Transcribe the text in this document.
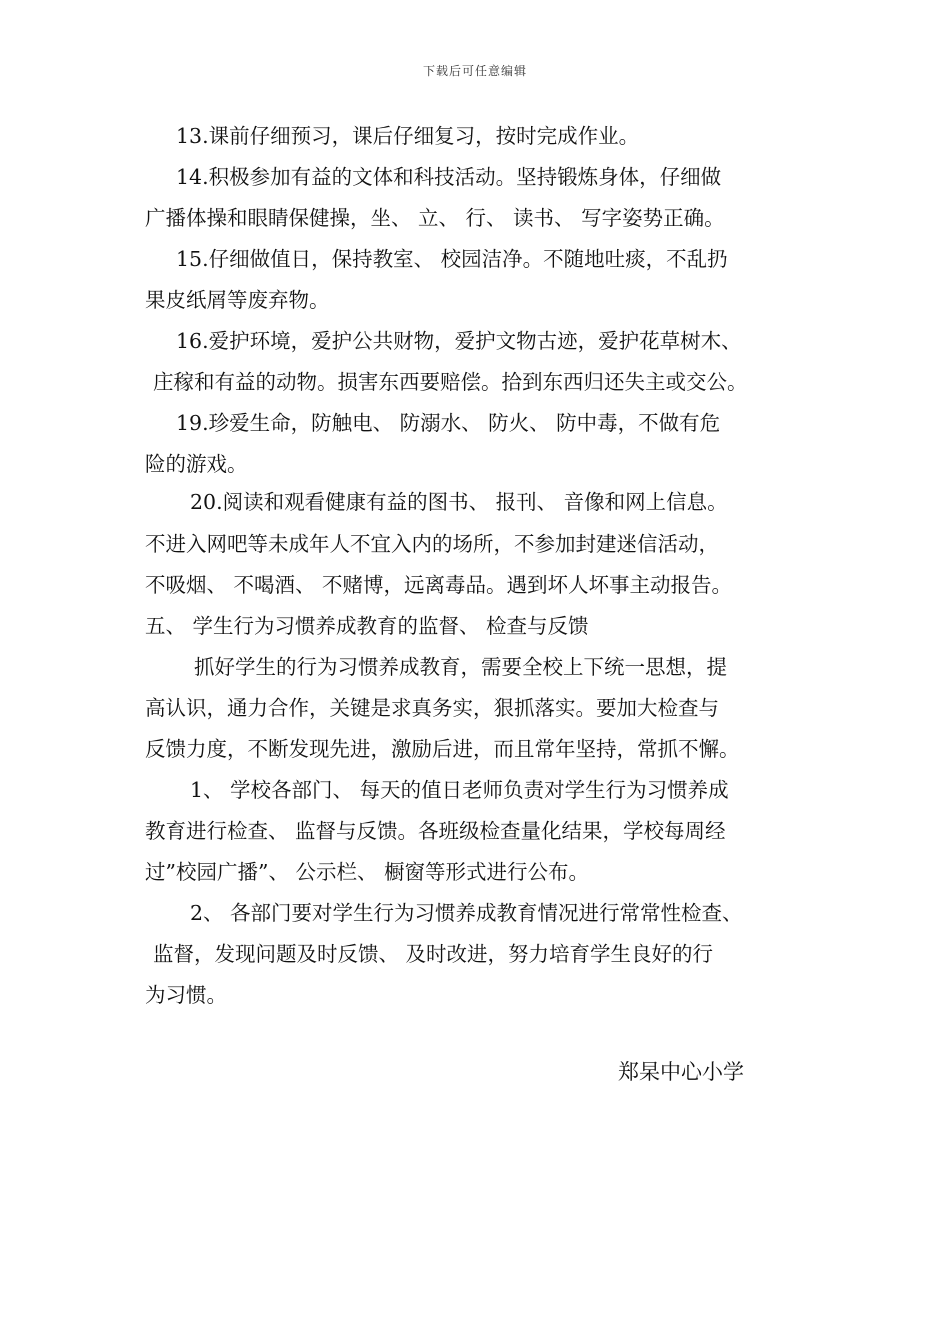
下载后可任意编辑
13.课前仔细预习，课后仔细复习，按时完成作业。
14.积极参加有益的文体和科技活动。坚持锻炼身体，仔细做
广播体操和眼睛保健操，坐、 立、 行、 读书、 写字姿势正确。
15.仔细做值日，保持教室、 校园洁净。不随地吐痰，不乱扔
果皮纸屑等废弃物。
16.爱护环境，爱护公共财物，爱护文物古迹，爱护花草树木、
庄稼和有益的动物。损害东西要赔偿。拾到东西归还失主或交公。
19.珍爱生命，防触电、 防溺水、 防火、 防中毒，不做有危
险的游戏。
20.阅读和观看健康有益的图书、 报刊、 音像和网上信息。
不进入网吧等未成年人不宜入内的场所，不参加封建迷信活动，
不吸烟、 不喝酒、 不赌博，远离毒品。遇到坏人坏事主动报告。
五、 学生行为习惯养成教育的监督、 检查与反馈
抓好学生的行为习惯养成教育，需要全校上下统一思想，提
高认识，通力合作，关键是求真务实，狠抓落实。要加大检查与
反馈力度，不断发现先进，激励后进，而且常年坚持，常抓不懈。
1、 学校各部门、 每天的值日老师负责对学生行为习惯养成
教育进行检查、 监督与反馈。各班级检查量化结果，学校每周经
过”校园广播”、 公示栏、 橱窗等形式进行公布。
2、 各部门要对学生行为习惯养成教育情况进行常常性检查、
监督，发现问题及时反馈、 及时改进，努力培育学生良好的行
为习惯。
郑杲中心小学
